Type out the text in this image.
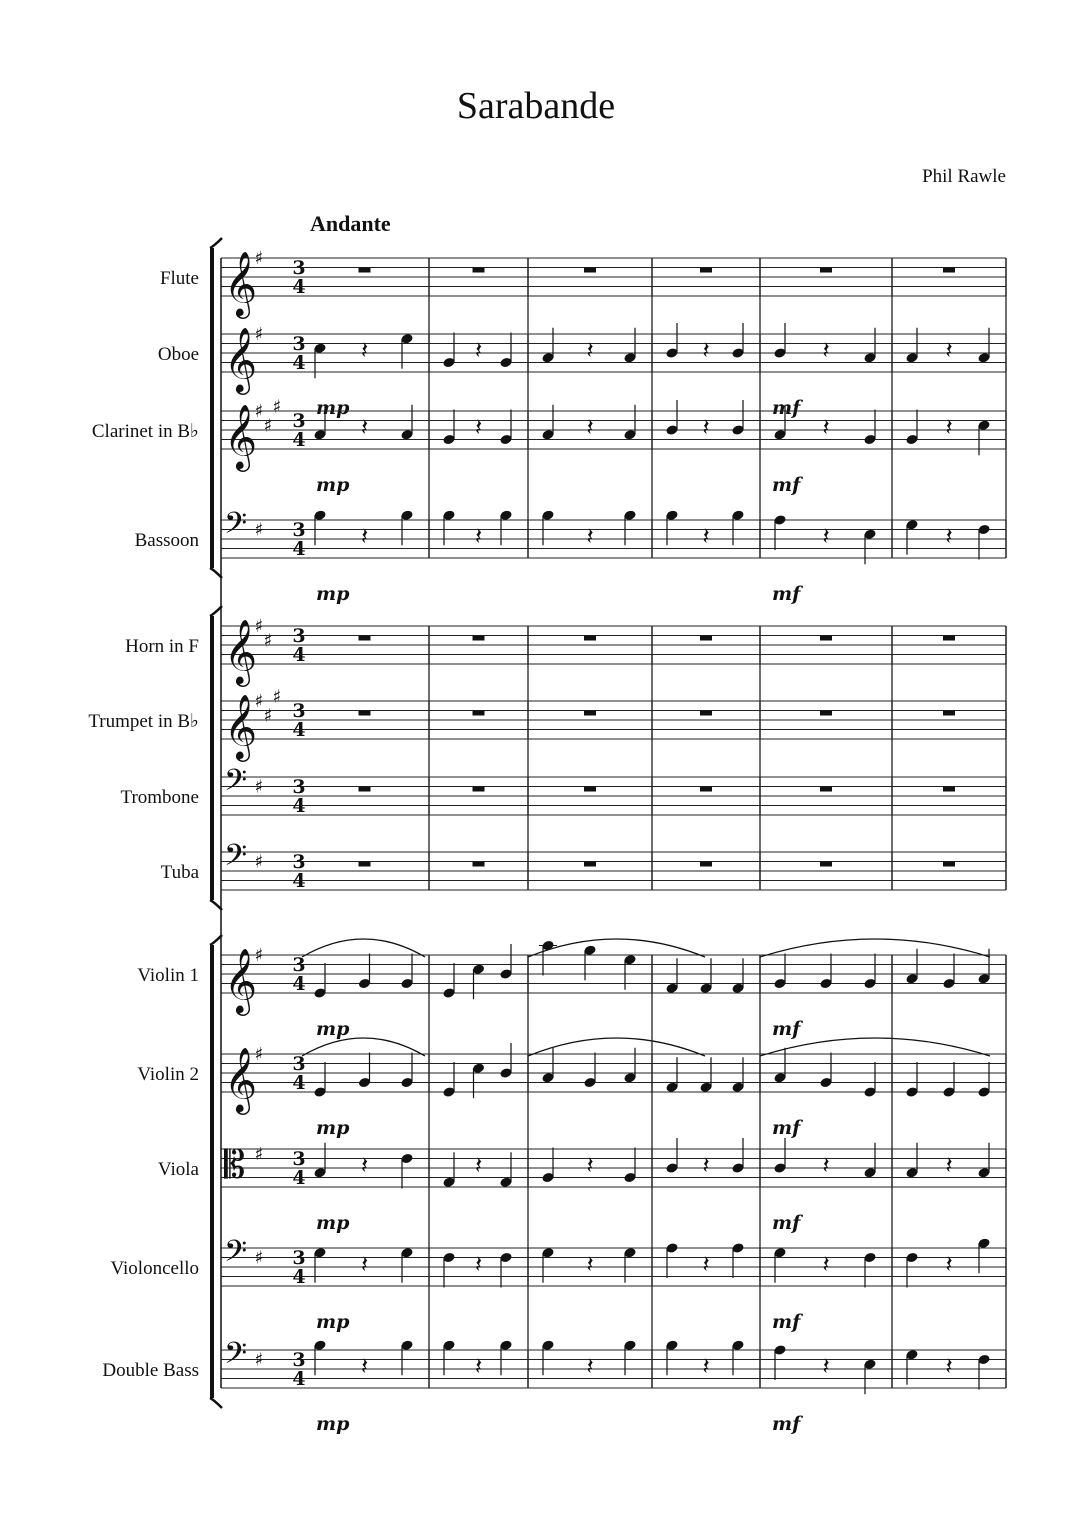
Sarabande
Phil Rawle
Andante
Flute 𝄞
♯ 3
4
Oboe 𝄞
♯ 3
4 𝄽	𝄽	𝄽	𝄽	𝄽	𝄽
mp	mf
Clarinet in B♭ 𝄞
♯
♯
♯
3
4 𝄽	𝄽	𝄽	𝄽	𝄽	𝄽
mp	mf
Bassoon 𝄢 ♯ 3
4 𝄽	𝄽	𝄽	𝄽	𝄽	𝄽
mp	mf
Horn in F 𝄞
♯
♯ 3
4
Trumpet in B♭ 𝄞
♯
♯
♯
3
4
Trombone 𝄢 ♯ 3
4
Tuba 𝄢 ♯ 3
4
Violin 1 𝄞
♯ 3
4
mp	mf
Violin 2 𝄞
♯ 3
4
mp	mf
Viola 𝄡 ♯ 3
4 𝄽	𝄽	𝄽	𝄽	𝄽	𝄽
mp	mf
Violoncello 𝄢 ♯ 3
4 𝄽	𝄽	𝄽	𝄽	𝄽	𝄽
mp	mf
Double Bass 𝄢 ♯ 3
4 𝄽	𝄽	𝄽	𝄽	𝄽	𝄽
mp	mf
